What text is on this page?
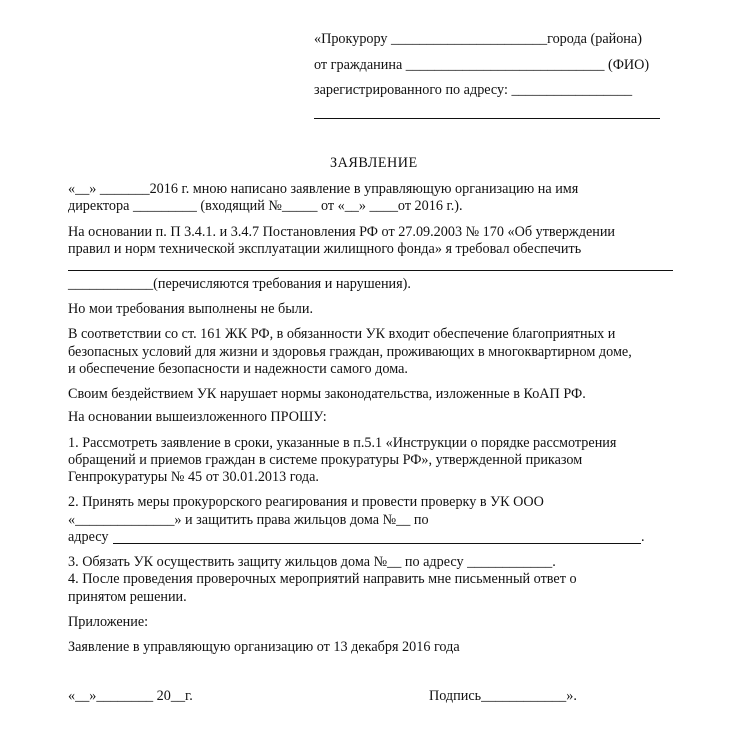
«Прокурору ______________________города (района)
от гражданина ____________________________ (ФИО)
зарегистрированного по адресу: _________________
ЗАЯВЛЕНИЕ
«__» _______2016 г. мною написано заявление в управляющую организацию на имя
директора _________ (входящий №_____ от «__» ____от 2016 г.).
На основании п. П 3.4.1. и 3.4.7 Постановления РФ от 27.09.2003 № 170 «Об утверждении
правил и норм технической эксплуатации жилищного фонда» я требовал обеспечить
____________(перечисляются требования и нарушения).
Но мои требования выполнены не были.
В соответствии со ст. 161 ЖК РФ, в обязанности УК входит обеспечение благоприятных и
безопасных условий для жизни и здоровья граждан, проживающих в многоквартирном доме,
и обеспечение безопасности и надежности самого дома.
Своим бездействием УК нарушает нормы законодательства, изложенные в КоАП РФ.
На основании вышеизложенного ПРОШУ:
1. Рассмотреть заявление в сроки, указанные в п.5.1 «Инструкции о порядке рассмотрения
обращений и приемов граждан в системе прокуратуры РФ», утвержденной приказом
Генпрокуратуры № 45 от 30.01.2013 года.
2. Принять меры прокурорского реагирования и провести проверку в УК ООО
«______________» и защитить права жильцов дома №__ по
адресу	.
3. Обязать УК осуществить защиту жильцов дома №__ по адресу ____________.
4. После проведения проверочных мероприятий направить мне письменный ответ о
принятом решении.
Приложение:
Заявление в управляющую организацию от 13 декабря 2016 года
«__»________ 20__г.	Подпись____________».
